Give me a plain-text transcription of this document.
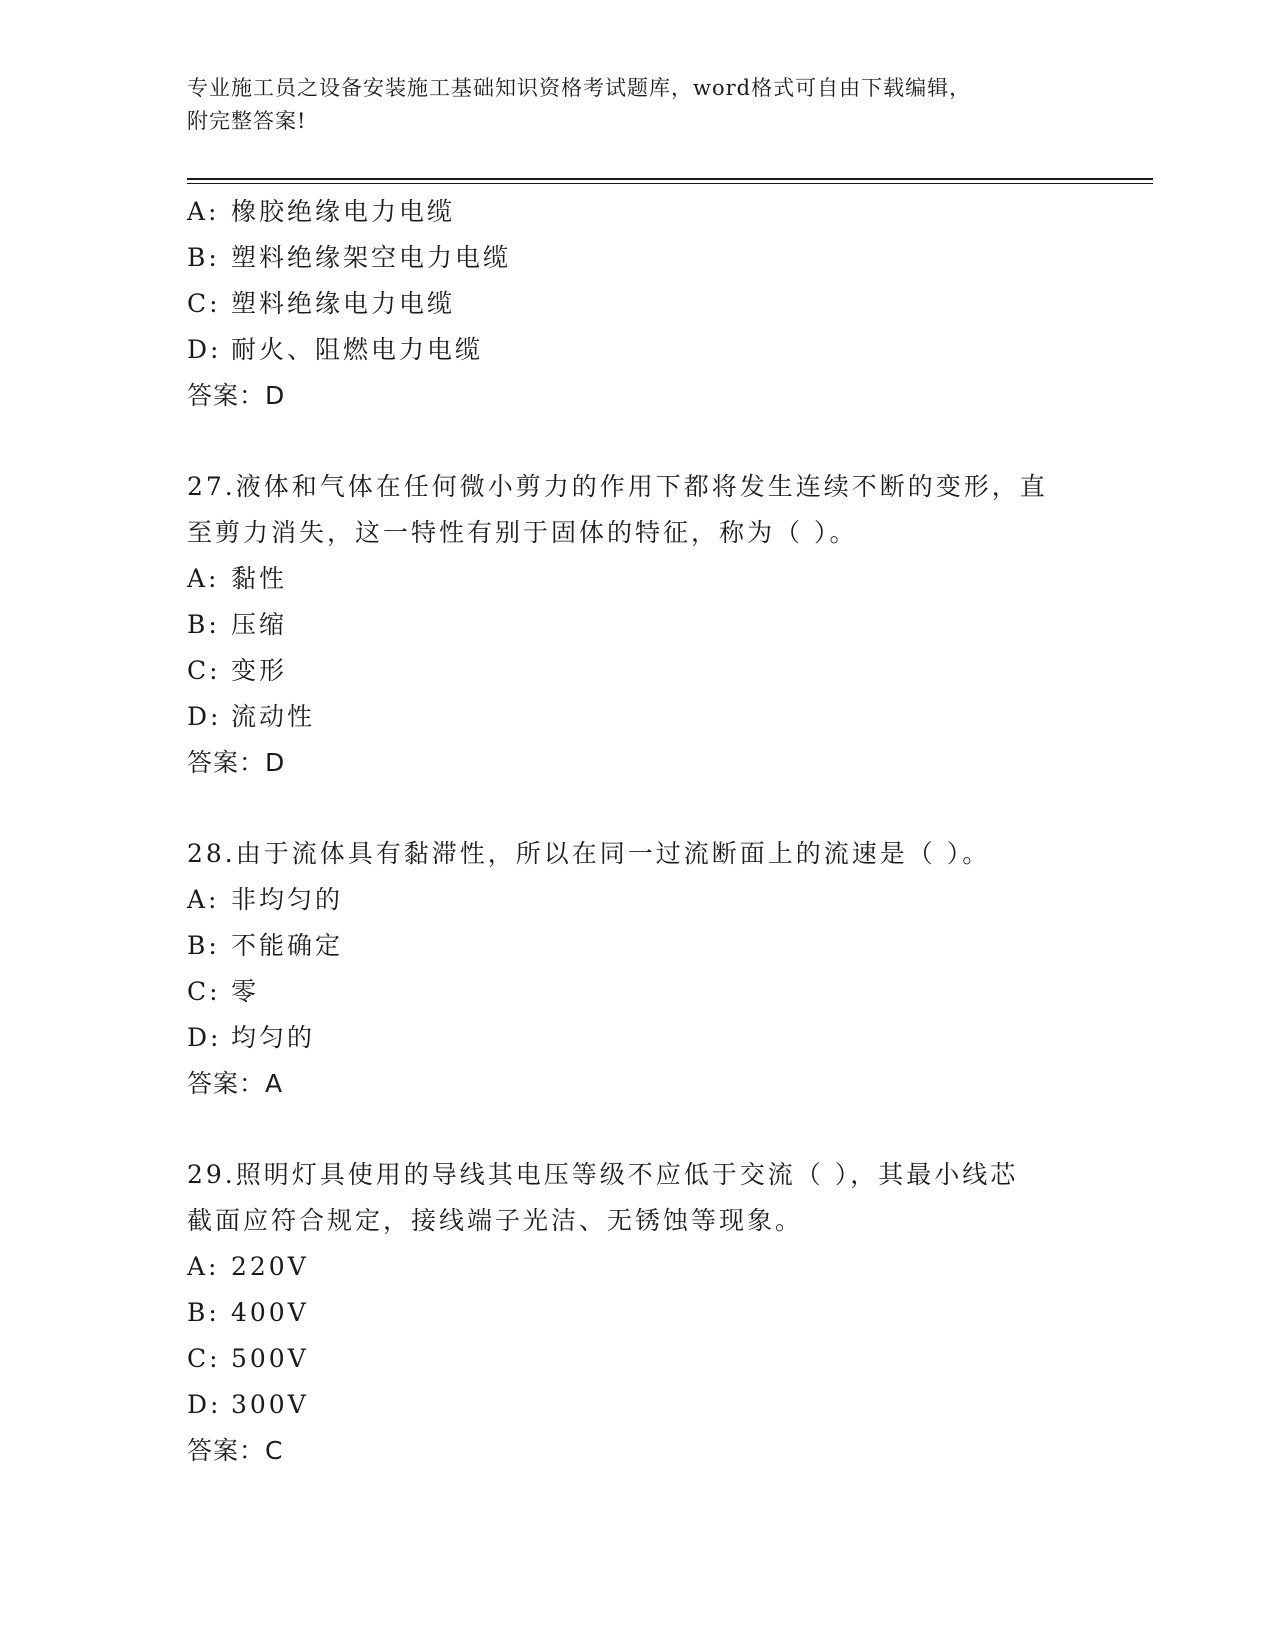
专业施工员之设备安装施工基础知识资格考试题库，word格式可自由下载编辑，
附完整答案!
A: 橡胶绝缘电力电缆
B: 塑料绝缘架空电力电缆
C: 塑料绝缘电力电缆
D: 耐火、阻燃电力电缆
答案：D
27.液体和气体在任何微小剪力的作用下都将发生连续不断的变形，直
至剪力消失，这一特性有别于固体的特征，称为（ ）。
A: 黏性
B: 压缩
C: 变形
D: 流动性
答案：D
28.由于流体具有黏滞性，所以在同一过流断面上的流速是（ ）。
A: 非均匀的
B: 不能确定
C: 零
D: 均匀的
答案：A
29.照明灯具使用的导线其电压等级不应低于交流（ ），其最小线芯
截面应符合规定，接线端子光洁、无锈蚀等现象。
A: 220V
B: 400V
C: 500V
D: 300V
答案：C
